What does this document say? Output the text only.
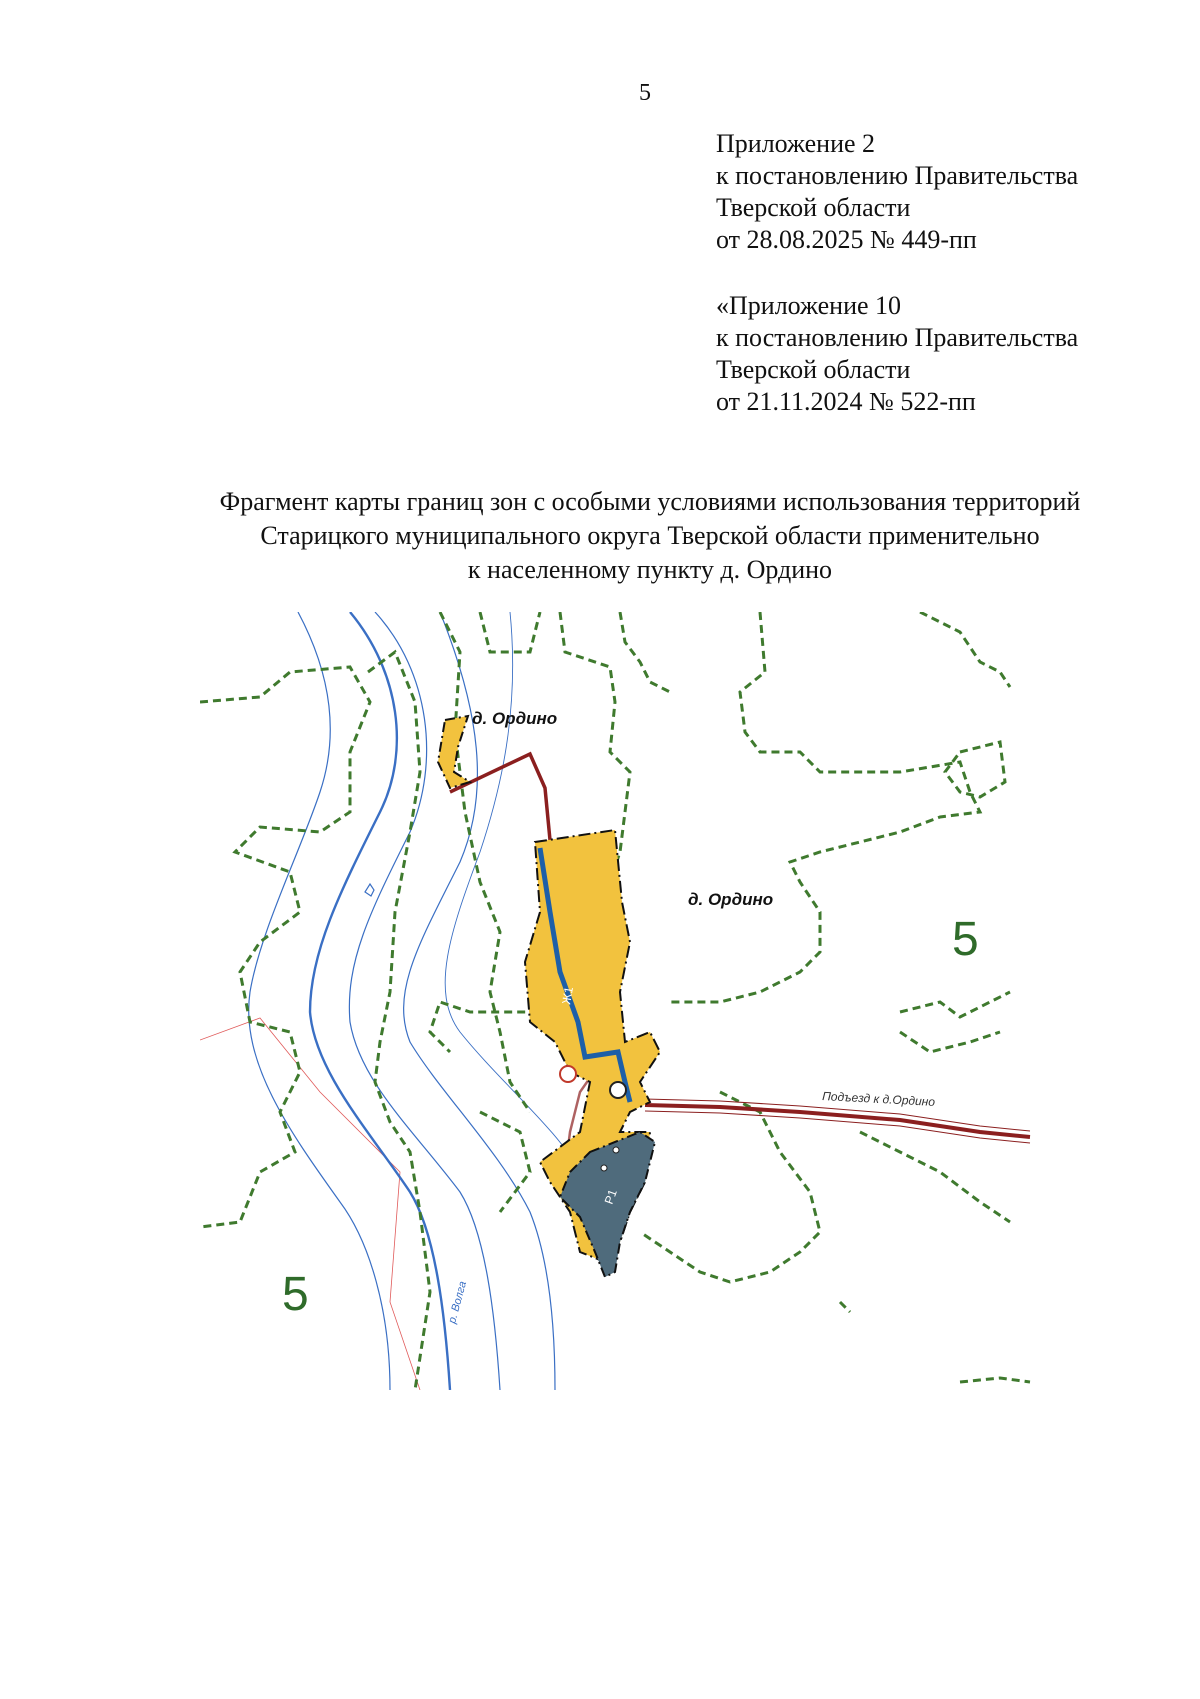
5
Приложение 2
к постановлению Правительства
Тверской области
от 28.08.2025 № 449-пп
«Приложение 10
к постановлению Правительства
Тверской области
от 21.11.2024 № 522-пп
Фрагмент карты границ зон с особыми условиями использования территорий
Старицкого муниципального округа Тверской области применительно
к населенному пункту д. Ордино
д. Ордино
д. Ордино
5
5
Подъезд к д.Ордино
р. Волга
Ж1
Р1
